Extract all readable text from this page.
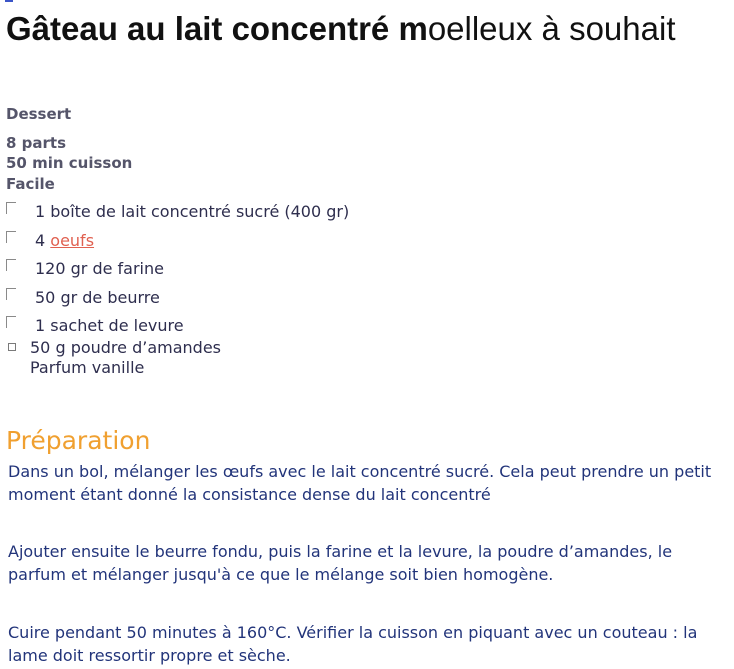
Gâteau au lait concentré moelleux à souhait

Dessert

8 parts

50 min cuisson

Facile

1 boîte de lait concentré sucré (400 gr)
4 oeufs
120 gr de farine
50 gr de beurre
1 sachet de levure
50 g poudre d’amandes
Parfum vanille
Préparation

Dans un bol, mélanger les œufs avec le lait concentré sucré. Cela peut prendre un petit moment étant donné la consistance dense du lait concentré

Ajouter ensuite le beurre fondu, puis la farine et la levure, la poudre d’amandes, le parfum et mélanger jusqu'à ce que le mélange soit bien homogène.

Cuire pendant 50 minutes à 160°C. Vérifier la cuisson en piquant avec un couteau : la lame doit ressortir propre et sèche.
